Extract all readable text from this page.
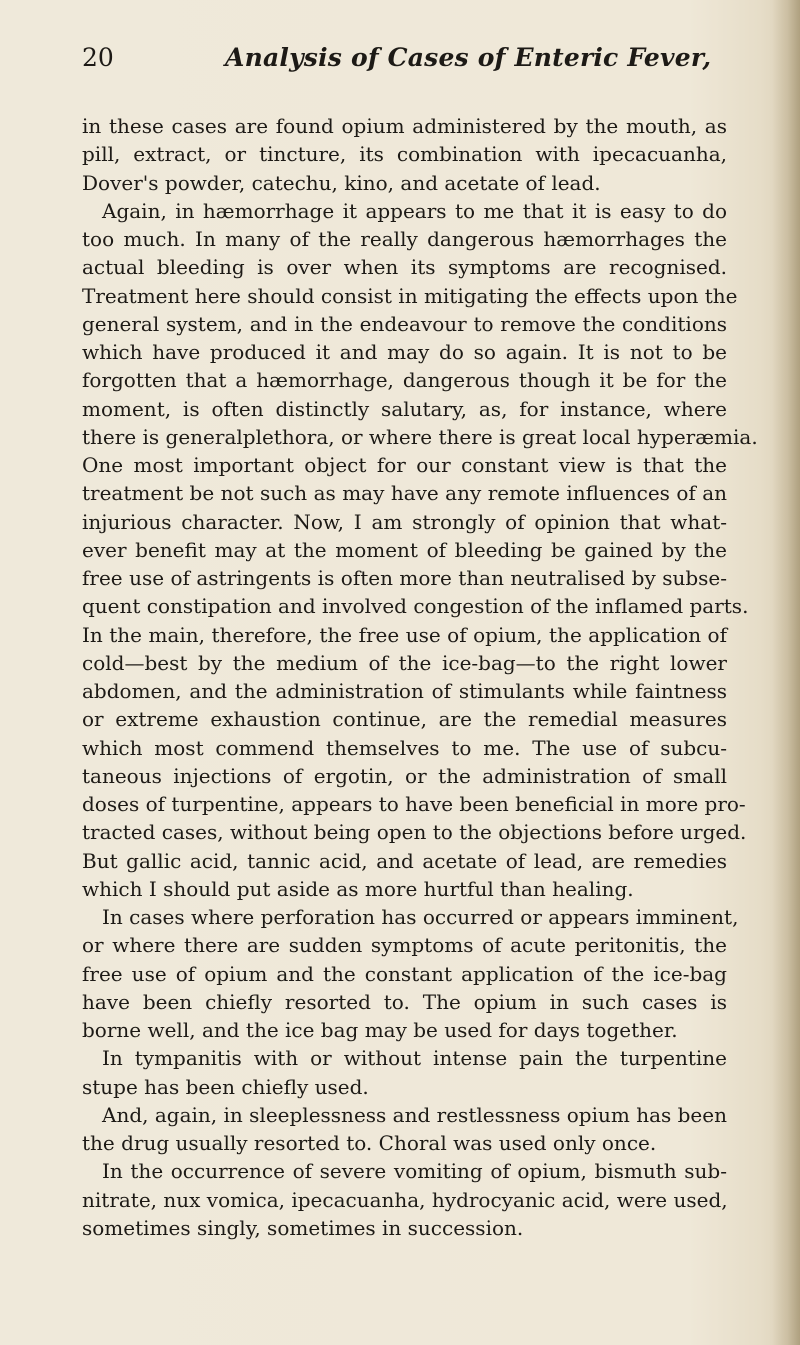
20	Analysis of Cases of Enteric Fever,
in these cases are found opium administered by the mouth, as
pill, extract, or tincture, its combination with ipecacuanha,
Dover's powder, catechu, kino, and acetate of lead.
Again, in hæmorrhage it appears to me that it is easy to do
too much. In many of the really dangerous hæmorrhages the
actual bleeding is over when its symptoms are recognised.
Treatment here should consist in mitigating the effects upon the
general system, and in the endeavour to remove the conditions
which have produced it and may do so again. It is not to be
forgotten that a hæmorrhage, dangerous though it be for the
moment, is often distinctly salutary, as, for instance, where
there is generalplethora, or where there is great local hyperæmia.
One most important object for our constant view is that the
treatment be not such as may have any remote influences of an
injurious character. Now, I am strongly of opinion that what-
ever benefit may at the moment of bleeding be gained by the
free use of astringents is often more than neutralised by subse-
quent constipation and involved congestion of the inflamed parts.
In the main, therefore, the free use of opium, the application of
cold—best by the medium of the ice-bag—to the right lower
abdomen, and the administration of stimulants while faintness
or extreme exhaustion continue, are the remedial measures
which most commend themselves to me. The use of subcu-
taneous injections of ergotin, or the administration of small
doses of turpentine, appears to have been beneficial in more pro-
tracted cases, without being open to the objections before urged.
But gallic acid, tannic acid, and acetate of lead, are remedies
which I should put aside as more hurtful than healing.
In cases where perforation has occurred or appears imminent,
or where there are sudden symptoms of acute peritonitis, the
free use of opium and the constant application of the ice-bag
have been chiefly resorted to. The opium in such cases is
borne well, and the ice bag may be used for days together.
In tympanitis with or without intense pain the turpentine
stupe has been chiefly used.
And, again, in sleeplessness and restlessness opium has been
the drug usually resorted to. Choral was used only once.
In the occurrence of severe vomiting of opium, bismuth sub-
nitrate, nux vomica, ipecacuanha, hydrocyanic acid, were used,
sometimes singly, sometimes in succession.
